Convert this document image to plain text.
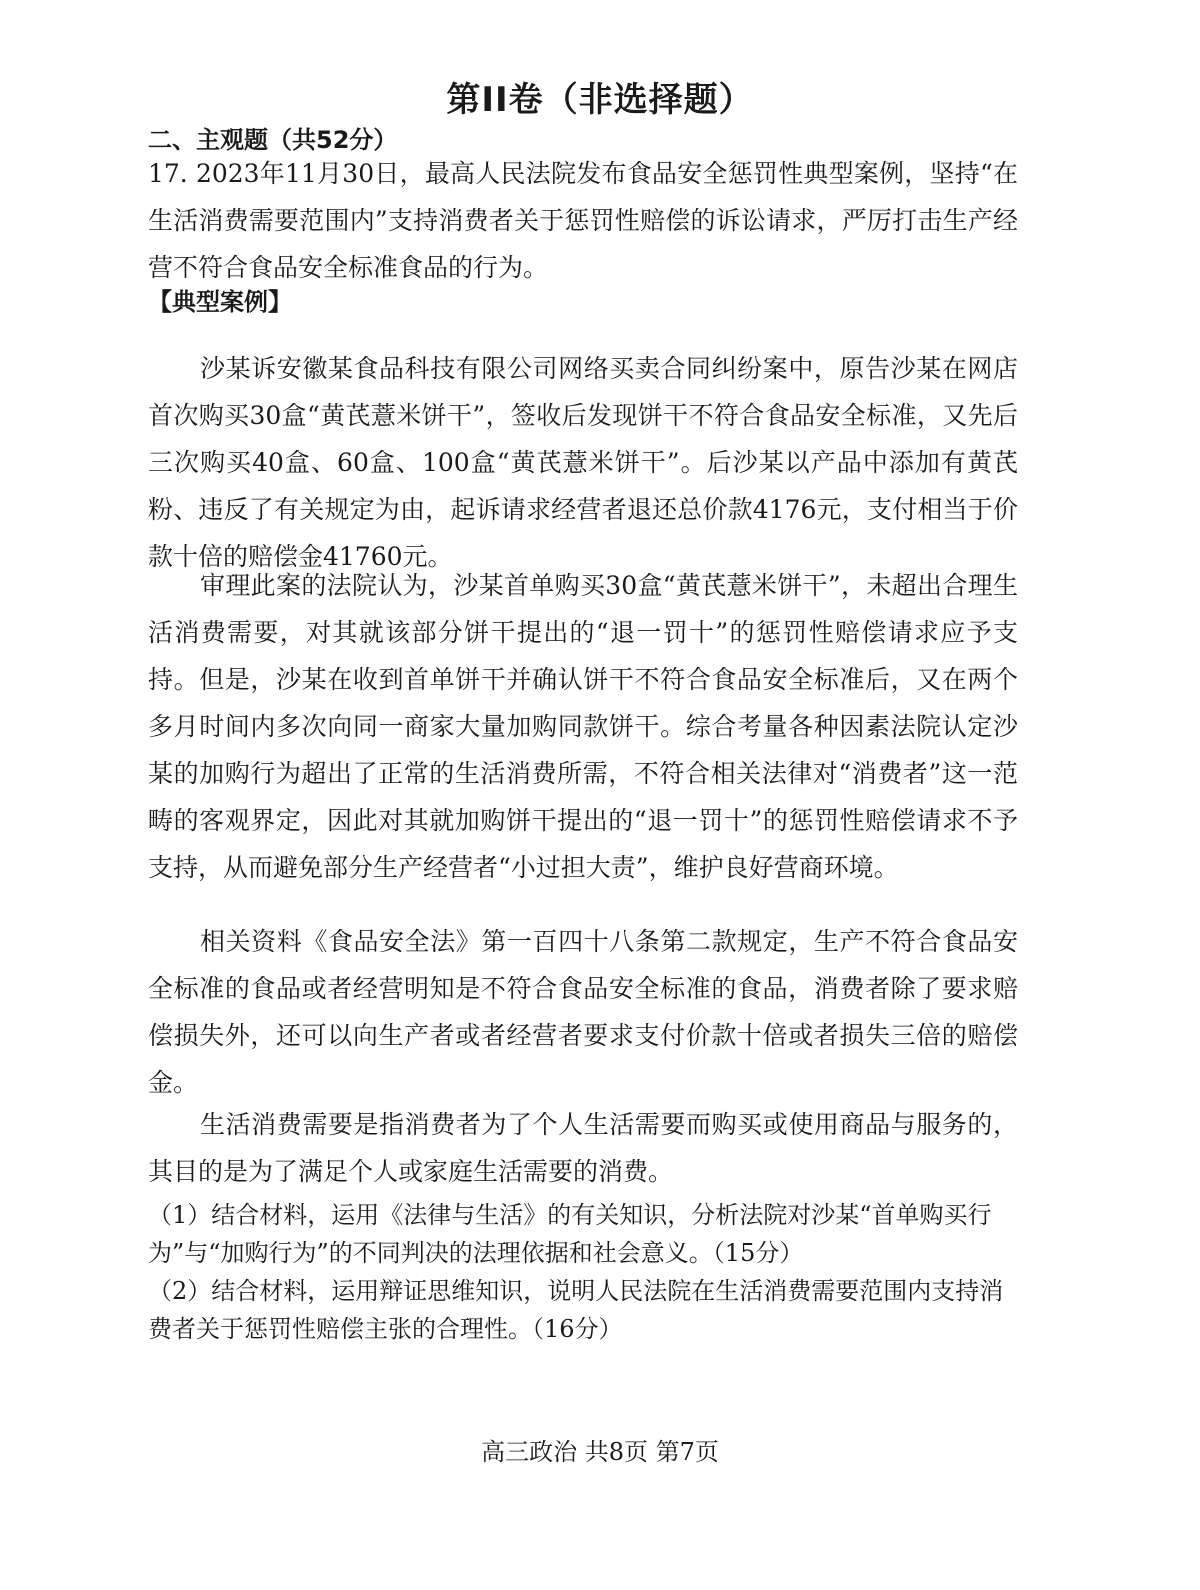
第II卷（非选择题）
二、主观题（共52分）
17. 2023年11月30日，最高人民法院发布食品安全惩罚性典型案例，坚持“在生活消费需要范围内”支持消费者关于惩罚性赔偿的诉讼请求，严厉打击生产经营不符合食品安全标准食品的行为。
【典型案例】
沙某诉安徽某食品科技有限公司网络买卖合同纠纷案中，原告沙某在网店首次购买30盒“黄芪薏米饼干”，签收后发现饼干不符合食品安全标准，又先后三次购买40盒、60盒、100盒“黄芪薏米饼干”。后沙某以产品中添加有黄芪粉、违反了有关规定为由，起诉请求经营者退还总价款4176元，支付相当于价款十倍的赔偿金41760元。
审理此案的法院认为，沙某首单购买30盒“黄芪薏米饼干”，未超出合理生活消费需要，对其就该部分饼干提出的“退一罚十”的惩罚性赔偿请求应予支持。但是，沙某在收到首单饼干并确认饼干不符合食品安全标准后，又在两个多月时间内多次向同一商家大量加购同款饼干。综合考量各种因素法院认定沙某的加购行为超出了正常的生活消费所需，不符合相关法律对“消费者”这一范畴的客观界定，因此对其就加购饼干提出的“退一罚十”的惩罚性赔偿请求不予支持，从而避免部分生产经营者“小过担大责”，维护良好营商环境。
相关资料《食品安全法》第一百四十八条第二款规定，生产不符合食品安全标准的食品或者经营明知是不符合食品安全标准的食品，消费者除了要求赔偿损失外，还可以向生产者或者经营者要求支付价款十倍或者损失三倍的赔偿金。
生活消费需要是指消费者为了个人生活需要而购买或使用商品与服务的，其目的是为了满足个人或家庭生活需要的消费。
（1）结合材料，运用《法律与生活》的有关知识，分析法院对沙某“首单购买行为”与“加购行为”的不同判决的法理依据和社会意义。（15分）
（2）结合材料，运用辩证思维知识，说明人民法院在生活消费需要范围内支持消费者关于惩罚性赔偿主张的合理性。（16分）
高三政治 共8页 第7页
